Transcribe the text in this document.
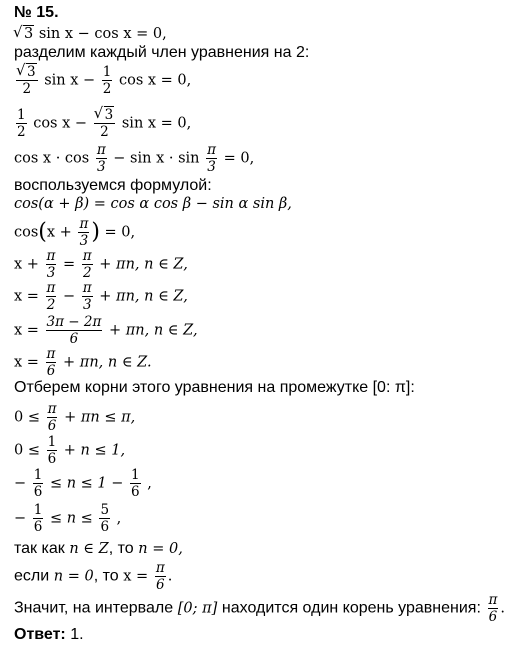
№ 15.
√ 3 sin x − cos x = 0,
разделим каждый член уравнения на 2:
√ $\frac{3}{2}$ $\sin x - \frac{1}{2}$ cos x = 0,
$\frac{1}{2}$ cos x −
√ $\frac{3}{2}$ sin x = 0,
$\cos x \cdot \cos \frac{\pi}{3} - \sin x \cdot \sin \frac{\pi}{3} = 0$,
воспользуемся формулой:
cos(α + β) = cos α cos β − sin α sin β,
$\cos(x + \frac{\pi}{3}$ ) = 0,
$x + \frac{\pi}{3} = \frac{\pi}{2} + \pi n$, n ∈ Z,
$x = \frac{\pi}{2} - \frac{\pi}{3} + \pi n$, n ∈ Z,
$x = \frac{3\pi - 2\pi}{6} + \pi n$, n ∈ Z,
$x = \frac{\pi}{6} + \pi n$, n ∈ Z.
Отберем корни этого уравнения на промежутке [0: π]:
$0 \le \frac{\pi}{6} + \pi n \le \pi$,
$0 \le \frac{1}{6} + n \le 1$,
− $\frac{1}{6} \le n \le 1 - \frac{1}{6}$ ,
− $\frac{1}{6} \le n \le \frac{5}{6}$ ,
так как n ∈ Z, то n = 0,
если n = 0, то $x = \frac{\pi}{6}$ .
Значит, на интервале [0; π] находится один корень уравнения: $\frac{\pi}{6}$ .
Ответ: 1.
